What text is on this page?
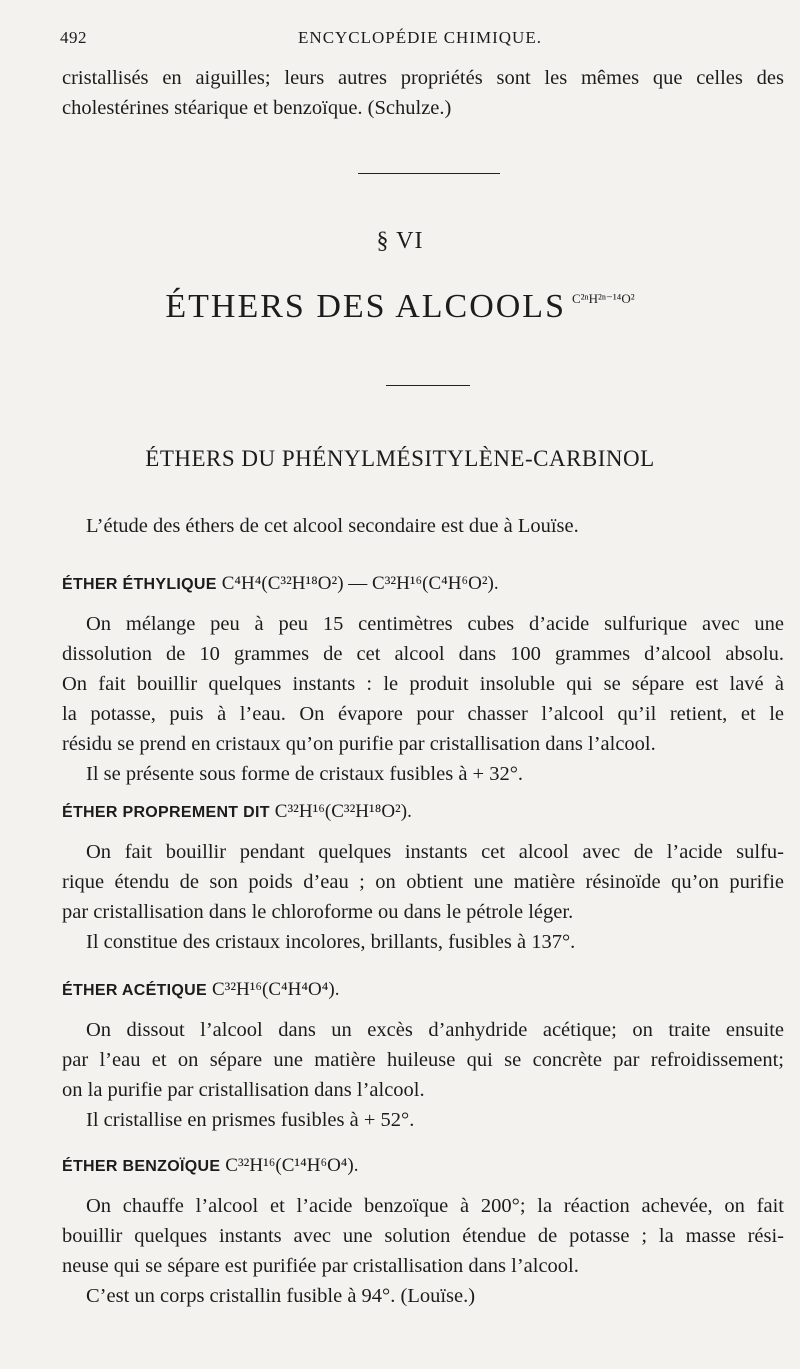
492	ENCYCLOPÉDIE CHIMIQUE.
cristallisés en aiguilles; leurs autres propriétés sont les mêmes que celles des
cholestérines stéarique et benzoïque. (Schulze.)
§ VI
ÉTHERS DES ALCOOLS $^{C^{2n}H^{2n-14}O^2}$
ÉTHERS DU PHÉNYLMÉSITYLÈNE-CARBINOL
L’étude des éthers de cet alcool secondaire est due à Louïse.
ÉTHER ÉTHYLIQUE C⁴H⁴(C³²H¹⁸O²) — C³²H¹⁶(C⁴H⁶O²).
On mélange peu à peu 15 centimètres cubes d’acide sulfurique avec une
dissolution de 10 grammes de cet alcool dans 100 grammes d’alcool absolu.
On fait bouillir quelques instants : le produit insoluble qui se sépare est lavé à
la potasse, puis à l’eau. On évapore pour chasser l’alcool qu’il retient, et le
résidu se prend en cristaux qu’on purifie par cristallisation dans l’alcool.
Il se présente sous forme de cristaux fusibles à + 32°.
ÉTHER PROPREMENT DIT C³²H¹⁶(C³²H¹⁸O²).
On fait bouillir pendant quelques instants cet alcool avec de l’acide sulfu-
rique étendu de son poids d’eau ; on obtient une matière résinoïde qu’on purifie
par cristallisation dans le chloroforme ou dans le pétrole léger.
Il constitue des cristaux incolores, brillants, fusibles à 137°.
ÉTHER ACÉTIQUE C³²H¹⁶(C⁴H⁴O⁴).
On dissout l’alcool dans un excès d’anhydride acétique; on traite ensuite
par l’eau et on sépare une matière huileuse qui se concrète par refroidissement;
on la purifie par cristallisation dans l’alcool.
Il cristallise en prismes fusibles à + 52°.
ÉTHER BENZOÏQUE C³²H¹⁶(C¹⁴H⁶O⁴).
On chauffe l’alcool et l’acide benzoïque à 200°; la réaction achevée, on fait
bouillir quelques instants avec une solution étendue de potasse ; la masse rési-
neuse qui se sépare est purifiée par cristallisation dans l’alcool.
C’est un corps cristallin fusible à 94°. (Louïse.)
